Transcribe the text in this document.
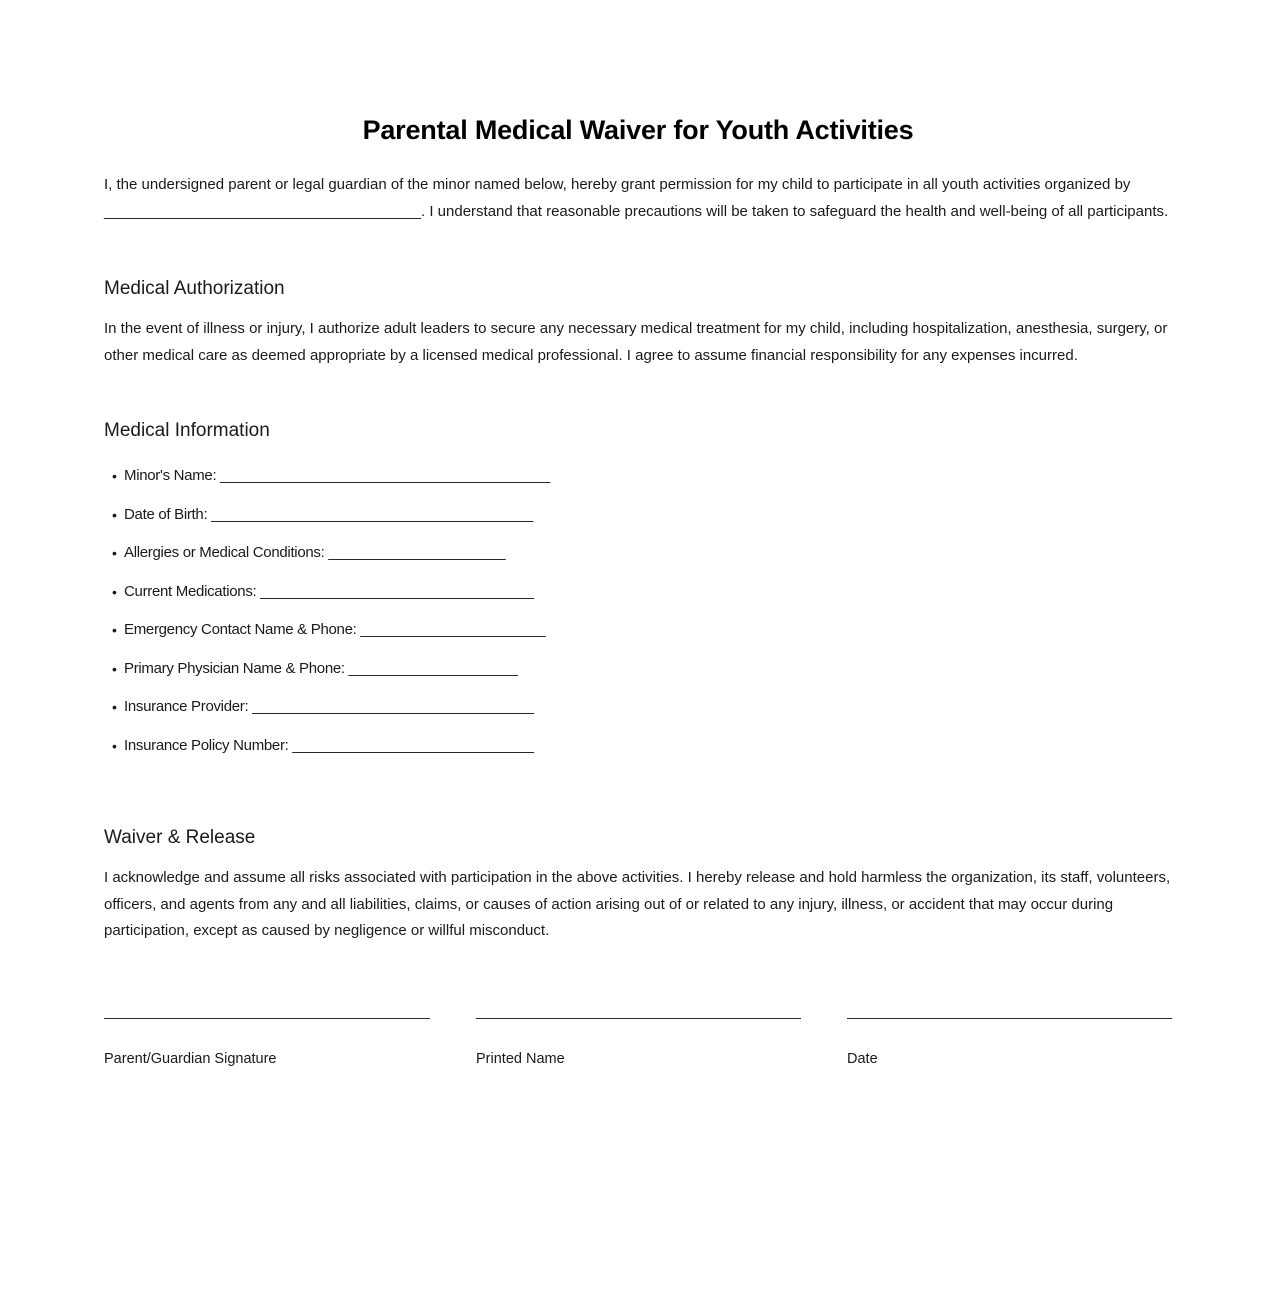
Parental Medical Waiver for Youth Activities

I, the undersigned parent or legal guardian of the minor named below, hereby grant permission for my child to participate in all youth activities organized by ______________________________________. I understand that reasonable precautions will be taken to safeguard the health and well-being of all participants.

Medical Authorization

In the event of illness or injury, I authorize adult leaders to secure any necessary medical treatment for my child, including hospitalization, anesthesia, surgery, or other medical care as deemed appropriate by a licensed medical professional. I agree to assume financial responsibility for any expenses incurred.

Medical Information
• Minor's Name: _________________________________________
• Date of Birth: ________________________________________
• Allergies or Medical Conditions: ______________________
• Current Medications: __________________________________
• Emergency Contact Name & Phone: _______________________
• Primary Physician Name & Phone: _____________________
• Insurance Provider: ___________________________________
• Insurance Policy Number: ______________________________
Waiver & Release

I acknowledge and assume all risks associated with participation in the above activities. I hereby release and hold harmless the organization, its staff, volunteers, officers, and agents from any and all liabilities, claims, or causes of action arising out of or related to any injury, illness, or accident that may occur during participation, except as caused by negligence or willful misconduct.

Parent/Guardian Signature	Printed Name	Date
